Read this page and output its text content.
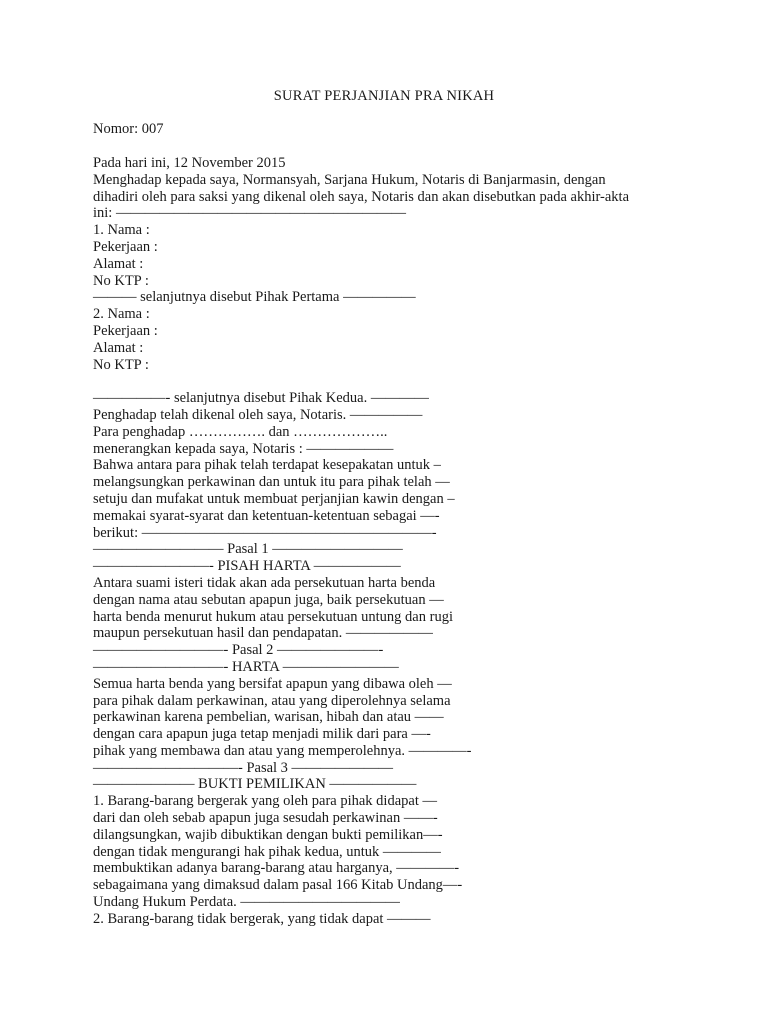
SURAT PERJANJIAN PRA NIKAH
Nomor: 007
Pada hari ini, 12 November 2015
Menghadap kepada saya, Normansyah, Sarjana Hukum, Notaris di Banjarmasin, dengan
dihadiri oleh para saksi yang dikenal oleh saya, Notaris dan akan disebutkan pada akhir-akta
ini: ————————————————————
1. Nama :
Pekerjaan :
Alamat :
No KTP :
——— selanjutnya disebut Pihak Pertama —————
2. Nama :
Pekerjaan :
Alamat :
No KTP :
—————- selanjutnya disebut Pihak Kedua. ————
Penghadap telah dikenal oleh saya, Notaris. —————
Para penghadap ……………. dan ………………..
menerangkan kepada saya, Notaris : ——————
Bahwa antara para pihak telah terdapat kesepakatan untuk –
melangsungkan perkawinan dan untuk itu para pihak telah —
setuju dan mufakat untuk membuat perjanjian kawin dengan –
memakai syarat-syarat dan ketentuan-ketentuan sebagai —-
berikut: ————————————————————-
————————— Pasal 1 —————————
————————- PISAH HARTA ——————
Antara suami isteri tidak akan ada persekutuan harta benda
dengan nama atau sebutan apapun juga, baik persekutuan —
harta benda menurut hukum atau persekutuan untung dan rugi
maupun persekutuan hasil dan pendapatan. ——————
—————————- Pasal 2 ———————-
—————————- HARTA ————————
Semua harta benda yang bersifat apapun yang dibawa oleh —
para pihak dalam perkawinan, atau yang diperolehnya selama
perkawinan karena pembelian, warisan, hibah dan atau ——
dengan cara apapun juga tetap menjadi milik dari para —-
pihak yang membawa dan atau yang memperolehnya. ————-
——————————- Pasal 3 ———————
——————— BUKTI PEMILIKAN ——————
1. Barang-barang bergerak yang oleh para pihak didapat —
dari dan oleh sebab apapun juga sesudah perkawinan ——-
dilangsungkan, wajib dibuktikan dengan bukti pemilikan—-
dengan tidak mengurangi hak pihak kedua, untuk ————
membuktikan adanya barang-barang atau harganya, ————-
sebagaimana yang dimaksud dalam pasal 166 Kitab Undang—-
Undang Hukum Perdata. ———————————
2. Barang-barang tidak bergerak, yang tidak dapat ———
